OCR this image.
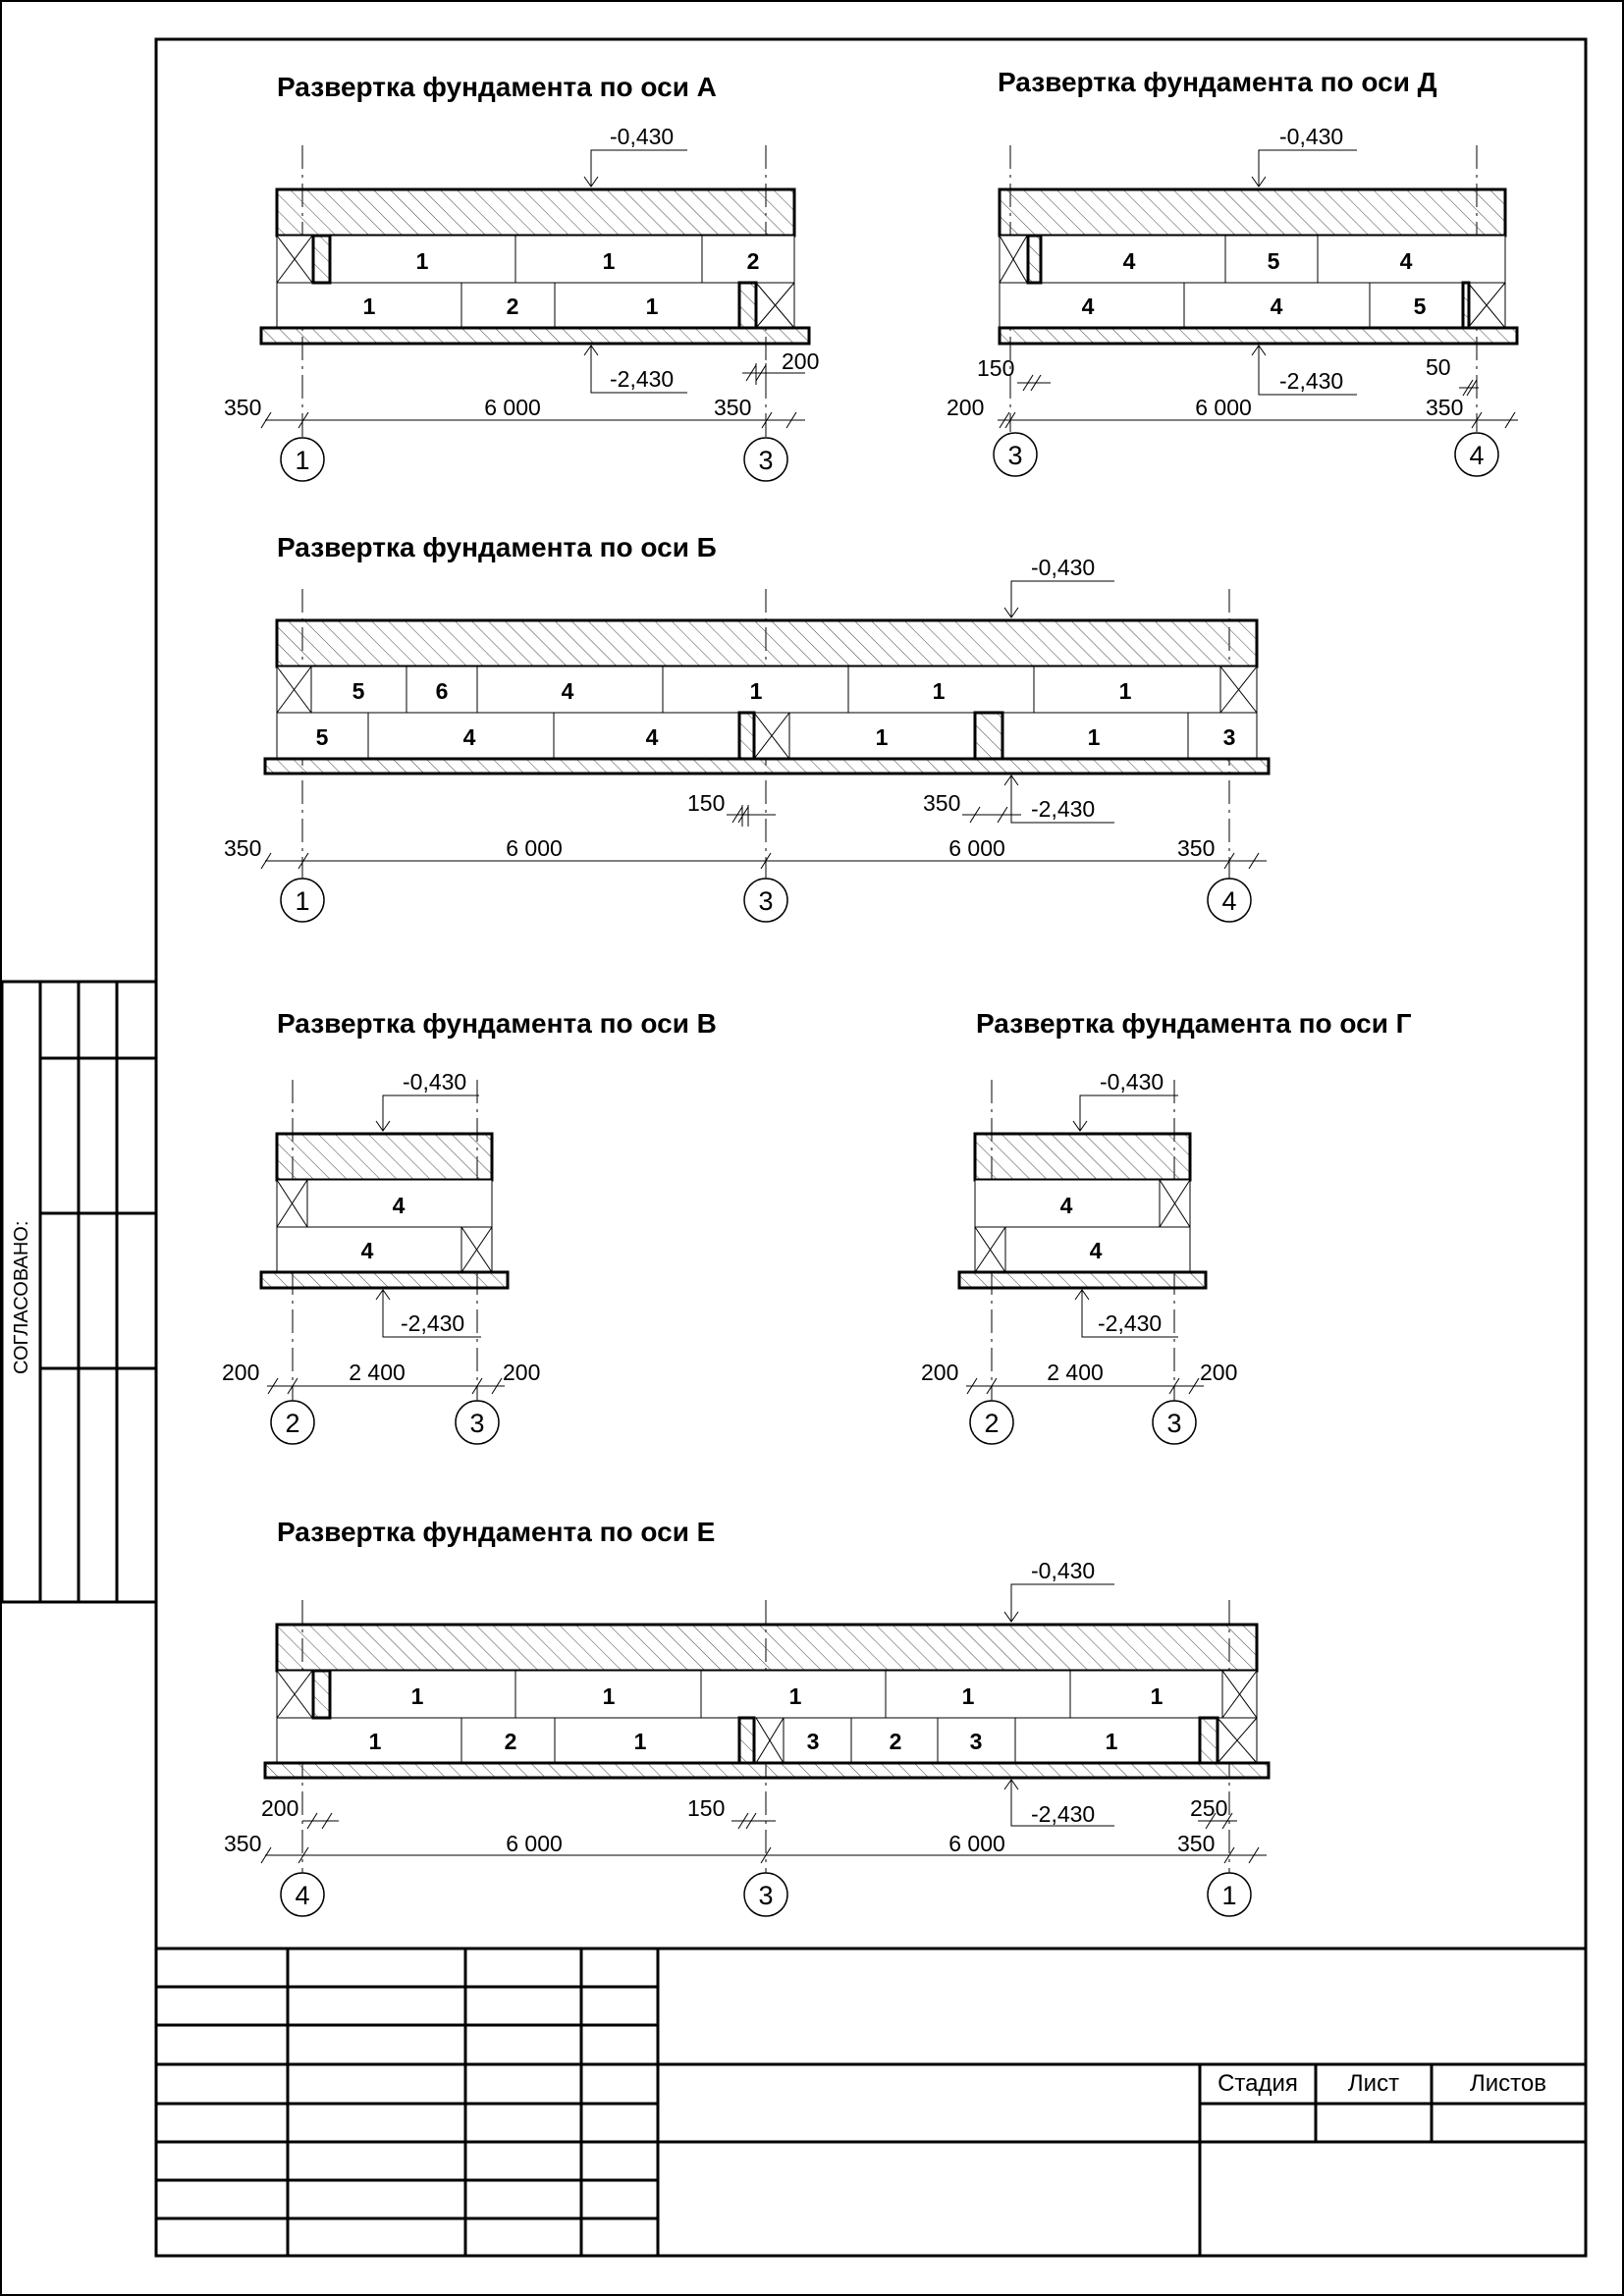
СОГЛАСОВАНО:
Стадия Лист	Листов
Развертка фундамента по оси А
1	1	2
1	2	1
-0,430
-2,430
350	6 000	350
200
1	3
Развертка фундамента по оси Д
4	5	4
4	4	5
-0,430
-2,430
200
150
6 000	350
50
3	4
Развертка фундамента по оси Б
5	6	4	1	1	1
5	4	4	1	1	3
-0,430
-2,430
350	6 000	6 000	350
150	350
1	3	4
Развертка фундамента по оси В
4
4
-0,430
-2,430
200	2 400	200
2	3
Развертка фундамента по оси Г
4
4
-0,430
-2,430
200	2 400	200
2	3
Развертка фундамента по оси Е
1	1	1	1	1
1	2	1	3	2	3	1
-0,430
-2,430
200
350	6 000
150
6 000
250
350
4	3	1
